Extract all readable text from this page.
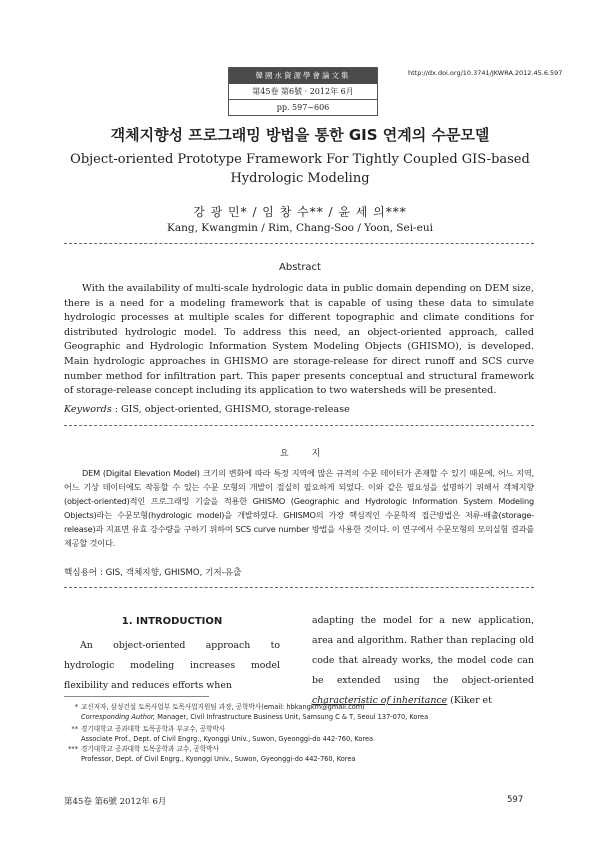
韓國水資源學會論文集
第45卷 第6號 · 2012年 6月
pp. 597~606
http://dx.doi.org/10.3741/JKWRA.2012.45.6.597
객체지향성 프로그래밍 방법을 통한 GIS 연계의 수문모델
Object-oriented Prototype Framework For Tightly Coupled GIS-based Hydrologic Modeling
강 광 민* / 임 창 수** / 윤 세 의***
Kang, Kwangmin / Rim, Chang-Soo / Yoon, Sei-eui
Abstract
With the availability of multi-scale hydrologic data in public domain depending on DEM size, there is a need for a modeling framework that is capable of using these data to simulate hydrologic processes at multiple scales for different topographic and climate conditions for distributed hydrologic model. To address this need, an object-oriented approach, called Geographic and Hydrologic Information System Modeling Objects (GHISMO), is developed. Main hydrologic approaches in GHISMO are storage-release for direct runoff and SCS curve number method for infiltration part. This paper presents conceptual and structural framework of storage-release concept including its application to two watersheds will be presented.
Keywords : GIS, object-oriented, GHISMO, storage-release
요        지
DEM (Digital Elevation Model) 크기의 변화에 따라 특정 지역에 많은 규격의 수문 데이터가 존재할 수 있기 때문에, 어느 지역, 어느 기상 데이터에도 작동할 수 있는 수문 모형의 개발이 절실히 필요하게 되었다. 이와 같은 필요성을 설명하기 위해서 객체지향(object-oriented)적인 프로그래밍 기술을 적용한 GHISMO (Geographic and Hydrologic Information System Modeling Objects)라는 수문모형(hydrologic model)을 개발하였다. GHISMO의 가장 핵심적인 수문학적 접근방법은 저류-배출(storage-release)과 지표면 유효 강수량을 구하기 위하여 SCS curve number 방법을 사용한 것이다. 이 연구에서 수문모형의 모의실험 결과를 제공할 것이다.
핵심용어 : GIS, 객체지향, GHISMO, 기저-유출
1. INTRODUCTION
An object-oriented approach to hydrologic modeling increases model flexibility and reduces efforts when
adapting the model for a new application, area and algorithm. Rather than replacing old code that already works, the model code can be extended using the object-oriented characteristic of inheritance (Kiker et
* 교신저자, 삼성건설 토목사업부 토목사업지원팀 과장, 공학박사(email: hbkangkm@gmail.com)
Corresponding Author, Manager, Civil Infrastructure Business Unit, Samsung C & T, Seoul 137-070, Korea
** 경기대학교 공과대학 토목공학과 부교수, 공학박사
Associate Prof., Dept. of Civil Engrg., Kyonggi Univ., Suwon, Gyeonggi-do 442-760, Korea
*** 경기대학교 공과대학 토목공학과 교수, 공학박사
Professor, Dept. of Civil Engrg., Kyonggi Univ., Suwon, Gyeonggi-do 442-760, Korea
第45卷 第6號 2012年 6月	597
